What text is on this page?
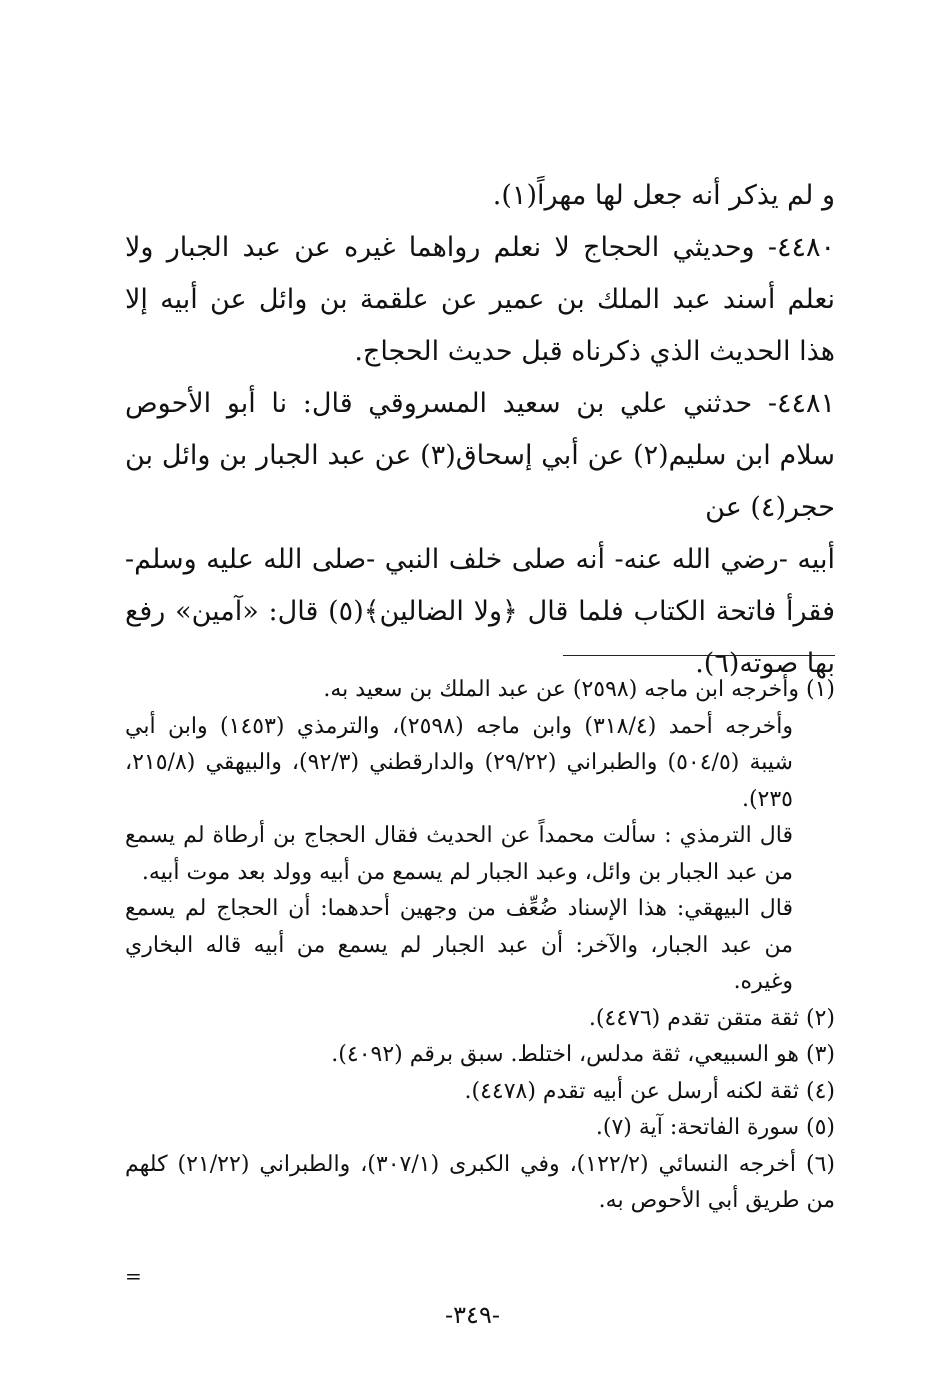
و لم يذكر أنه جعل لها مهراً(١).

٤٤٨٠- وحديثي الحجاج لا نعلم رواهما غيره عن عبد الجبار ولا نعلم أسند عبد الملك بن عمير عن علقمة بن وائل عن أبيه إلا هذا الحديث الذي ذكرناه قبل حديث الحجاج.

٤٤٨١- حدثني علي بن سعيد المسروقي قال: نا أبو الأحوص سلام ابن سليم(٢) عن أبي إسحاق(٣) عن عبد الجبار بن وائل بن حجر(٤) عن

أبيه -رضي الله عنه- أنه صلى خلف النبي -صلى الله عليه وسلم- فقرأ فاتحة الكتاب فلما قال ﴿ولا الضالين﴾(٥) قال: «آمين» رفع بها صوته(٦).

(١) وأخرجه ابن ماجه (٢٥٩٨) عن عبد الملك بن سعيد به.

وأخرجه أحمد (٣١٨/٤) وابن ماجه (٢٥٩٨)، والترمذي (١٤٥٣) وابن أبي شيبة (٥٠٤/٥) والطبراني (٢٩/٢٢) والدارقطني (٩٢/٣)، والبيهقي (٢١٥/٨، ٢٣٥).

قال الترمذي : سألت محمداً عن الحديث فقال الحجاج بن أرطاة لم يسمع من عبد الجبار بن وائل، وعبد الجبار لم يسمع من أبيه وولد بعد موت أبيه.

قال البيهقي: هذا الإسناد ضُعِّف من وجهين أحدهما: أن الحجاج لم يسمع من عبد الجبار، والآخر: أن عبد الجبار لم يسمع من أبيه قاله البخاري وغيره.

(٢) ثقة متقن تقدم (٤٤٧٦).

(٣) هو السبيعي، ثقة مدلس، اختلط. سبق برقم (٤٠٩٢).

(٤) ثقة لكنه أرسل عن أبيه تقدم (٤٤٧٨).

(٥) سورة الفاتحة: آية (٧).

(٦) أخرجه النسائي (١٢٢/٢)، وفي الكبرى (٣٠٧/١)، والطبراني (٢١/٢٢) كلهم من طريق أبي الأحوص به.

=
-٣٤٩-
